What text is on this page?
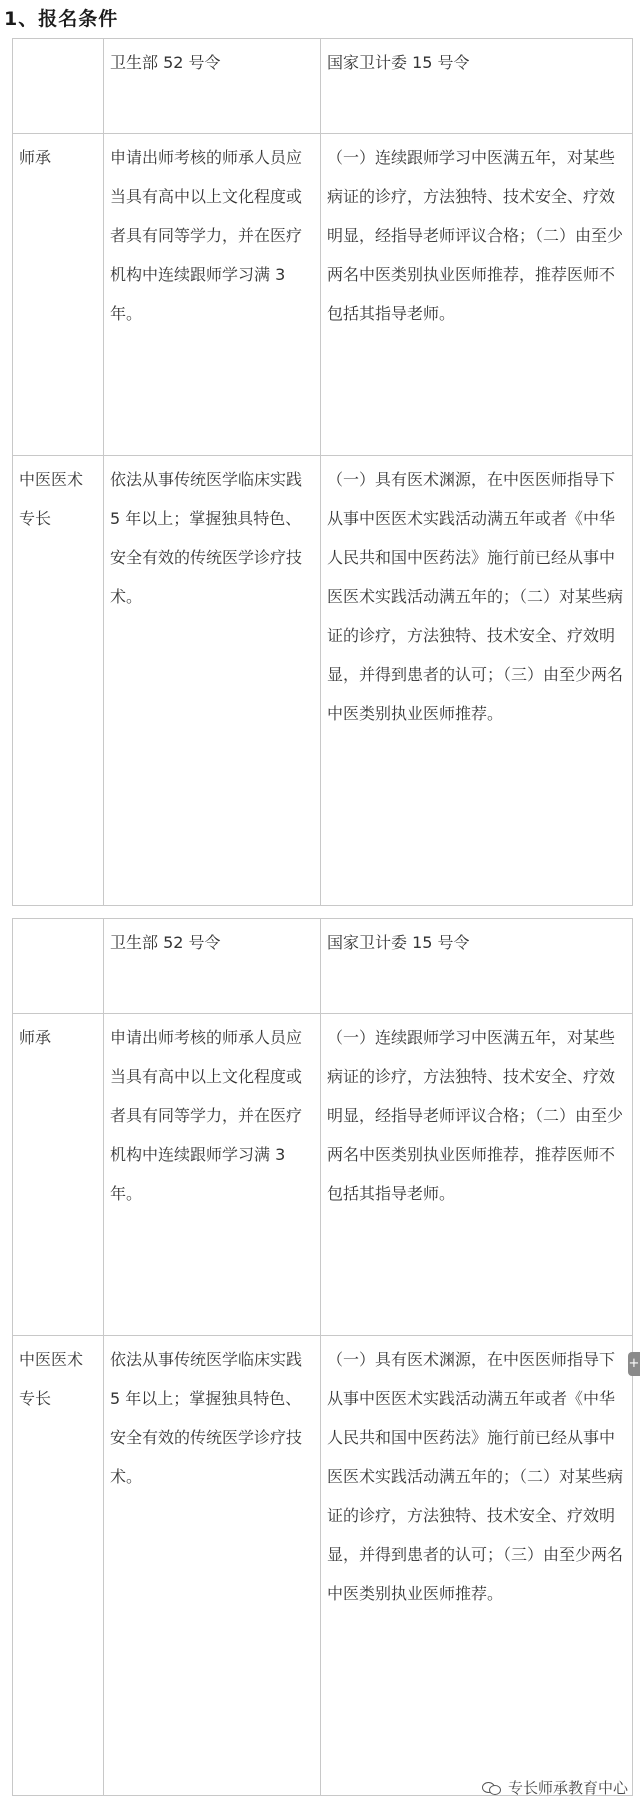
1、报名条件
	卫生部 52 号令	国家卫计委 15 号令
师承	申请出师考核的师承人员应当具有高中以上文化程度或者具有同等学力，并在医疗机构中连续跟师学习满 3 年。	（一）连续跟师学习中医满五年，对某些病证的诊疗，方法独特、技术安全、疗效明显，经指导老师评议合格；（二）由至少两名中医类别执业医师推荐，推荐医师不包括其指导老师。
中医医术专长	依法从事传统医学临床实践 5 年以上；掌握独具特色、安全有效的传统医学诊疗技术。	（一）具有医术渊源，在中医医师指导下从事中医医术实践活动满五年或者《中华人民共和国中医药法》施行前已经从事中医医术实践活动满五年的；（二）对某些病证的诊疗，方法独特、技术安全、疗效明显，并得到患者的认可；（三）由至少两名中医类别执业医师推荐。
	卫生部 52 号令	国家卫计委 15 号令
师承	申请出师考核的师承人员应当具有高中以上文化程度或者具有同等学力，并在医疗机构中连续跟师学习满 3 年。	（一）连续跟师学习中医满五年，对某些病证的诊疗，方法独特、技术安全、疗效明显，经指导老师评议合格；（二）由至少两名中医类别执业医师推荐，推荐医师不包括其指导老师。
中医医术专长	依法从事传统医学临床实践 5 年以上；掌握独具特色、安全有效的传统医学诊疗技术。	（一）具有医术渊源，在中医医师指导下从事中医医术实践活动满五年或者《中华人民共和国中医药法》施行前已经从事中医医术实践活动满五年的；（二）对某些病证的诊疗，方法独特、技术安全、疗效明显，并得到患者的认可；（三）由至少两名中医类别执业医师推荐。
+
专长师承教育中心
